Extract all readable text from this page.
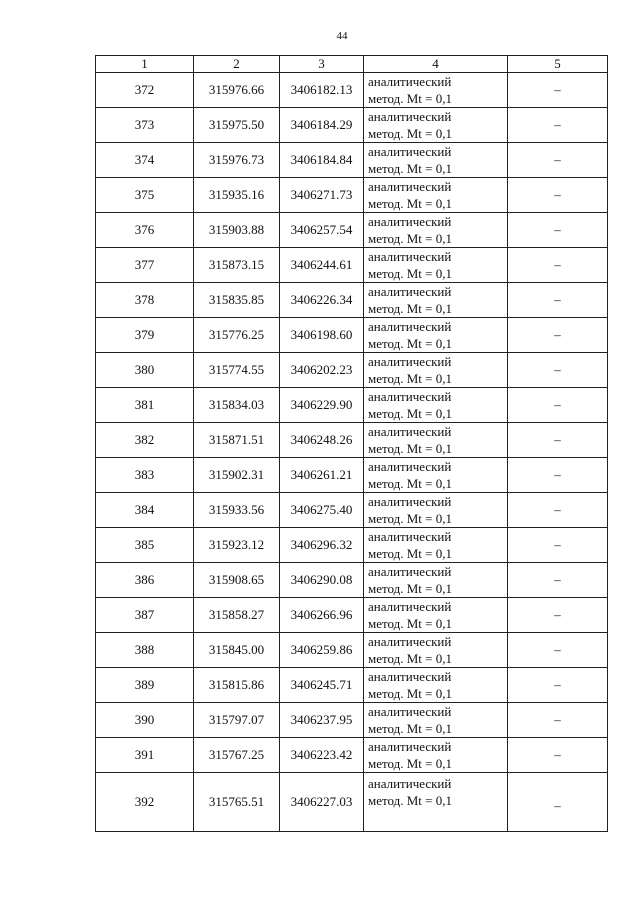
44
1	2	3	4	5
372	315976.66	3406182.13	аналитический
метод. Mt = 0,1	–
373	315975.50	3406184.29	аналитический
метод. Mt = 0,1	–
374	315976.73	3406184.84	аналитический
метод. Mt = 0,1	–
375	315935.16	3406271.73	аналитический
метод. Mt = 0,1	–
376	315903.88	3406257.54	аналитический
метод. Mt = 0,1	–
377	315873.15	3406244.61	аналитический
метод. Mt = 0,1	–
378	315835.85	3406226.34	аналитический
метод. Mt = 0,1	–
379	315776.25	3406198.60	аналитический
метод. Mt = 0,1	–
380	315774.55	3406202.23	аналитический
метод. Mt = 0,1	–
381	315834.03	3406229.90	аналитический
метод. Mt = 0,1	–
382	315871.51	3406248.26	аналитический
метод. Mt = 0,1	–
383	315902.31	3406261.21	аналитический
метод. Mt = 0,1	–
384	315933.56	3406275.40	аналитический
метод. Mt = 0,1	–
385	315923.12	3406296.32	аналитический
метод. Mt = 0,1	–
386	315908.65	3406290.08	аналитический
метод. Mt = 0,1	–
387	315858.27	3406266.96	аналитический
метод. Mt = 0,1	–
388	315845.00	3406259.86	аналитический
метод. Mt = 0,1	–
389	315815.86	3406245.71	аналитический
метод. Mt = 0,1	–
390	315797.07	3406237.95	аналитический
метод. Mt = 0,1	–
391	315767.25	3406223.42	аналитический
метод. Mt = 0,1	–
392	315765.51	3406227.03	аналитический
метод. Mt = 0,1	–
